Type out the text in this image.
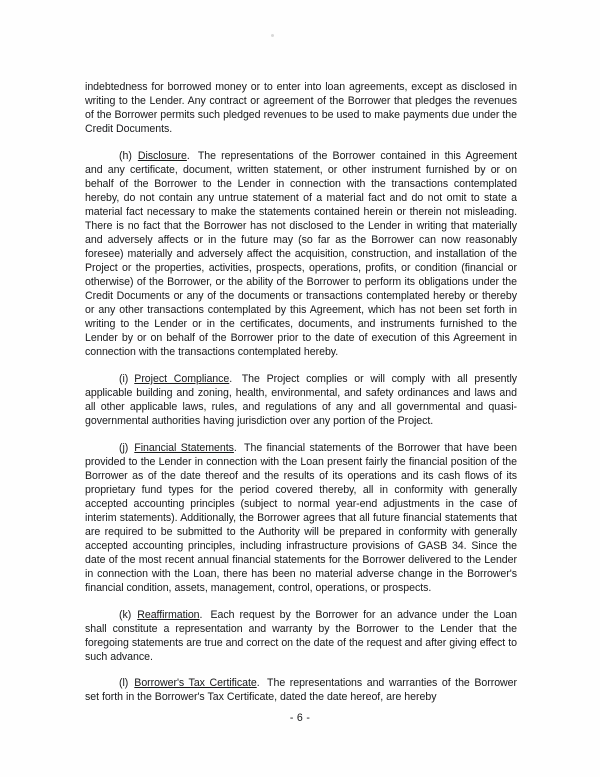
indebtedness for borrowed money or to enter into loan agreements, except as disclosed in writing to the Lender. Any contract or agreement of the Borrower that pledges the revenues of the Borrower permits such pledged revenues to be used to make payments due under the Credit Documents.

(h) Disclosure. The representations of the Borrower contained in this Agreement and any certificate, document, written statement, or other instrument furnished by or on behalf of the Borrower to the Lender in connection with the transactions contemplated hereby, do not contain any untrue statement of a material fact and do not omit to state a material fact necessary to make the statements contained herein or therein not misleading. There is no fact that the Borrower has not disclosed to the Lender in writing that materially and adversely affects or in the future may (so far as the Borrower can now reasonably foresee) materially and adversely affect the acquisition, construction, and installation of the Project or the properties, activities, prospects, operations, profits, or condition (financial or otherwise) of the Borrower, or the ability of the Borrower to perform its obligations under the Credit Documents or any of the documents or transactions contemplated hereby or thereby or any other transactions contemplated by this Agreement, which has not been set forth in writing to the Lender or in the certificates, documents, and instruments furnished to the Lender by or on behalf of the Borrower prior to the date of execution of this Agreement in connection with the transactions contemplated hereby.

(i) Project Compliance. The Project complies or will comply with all presently applicable building and zoning, health, environmental, and safety ordinances and laws and all other applicable laws, rules, and regulations of any and all governmental and quasi-governmental authorities having jurisdiction over any portion of the Project.

(j) Financial Statements. The financial statements of the Borrower that have been provided to the Lender in connection with the Loan present fairly the financial position of the Borrower as of the date thereof and the results of its operations and its cash flows of its proprietary fund types for the period covered thereby, all in conformity with generally accepted accounting principles (subject to normal year-end adjustments in the case of interim statements). Additionally, the Borrower agrees that all future financial statements that are required to be submitted to the Authority will be prepared in conformity with generally accepted accounting principles, including infrastructure provisions of GASB 34. Since the date of the most recent annual financial statements for the Borrower delivered to the Lender in connection with the Loan, there has been no material adverse change in the Borrower's financial condition, assets, management, control, operations, or prospects.

(k) Reaffirmation. Each request by the Borrower for an advance under the Loan shall constitute a representation and warranty by the Borrower to the Lender that the foregoing statements are true and correct on the date of the request and after giving effect to such advance.

(l) Borrower's Tax Certificate. The representations and warranties of the Borrower set forth in the Borrower's Tax Certificate, dated the date hereof, are hereby

- 6 -
